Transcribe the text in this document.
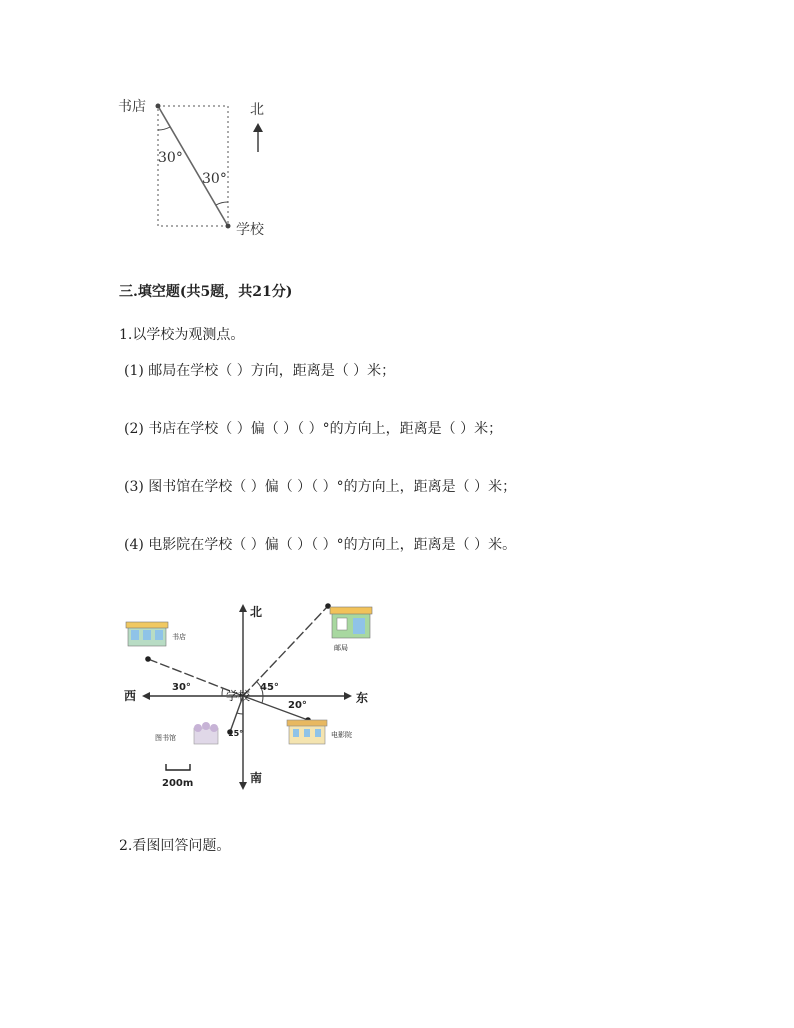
书店
学校
北
30°
30°
三.填空题(共5题，共21分)
1.以学校为观测点。
(1) 邮局在学校（ ）方向，距离是（ ）米；
(2) 书店在学校（ ）偏（ ）（ ）°的方向上，距离是（ ）米；
(3) 图书馆在学校（ ）偏（ ）（ ）°的方向上，距离是（ ）米；
(4) 电影院在学校（ ）偏（ ）（ ）°的方向上，距离是（ ）米。
北
南
西	东
学校
30°	45°
20°
15°
书店
邮局
图书馆	电影院
200m
2.看图回答问题。
